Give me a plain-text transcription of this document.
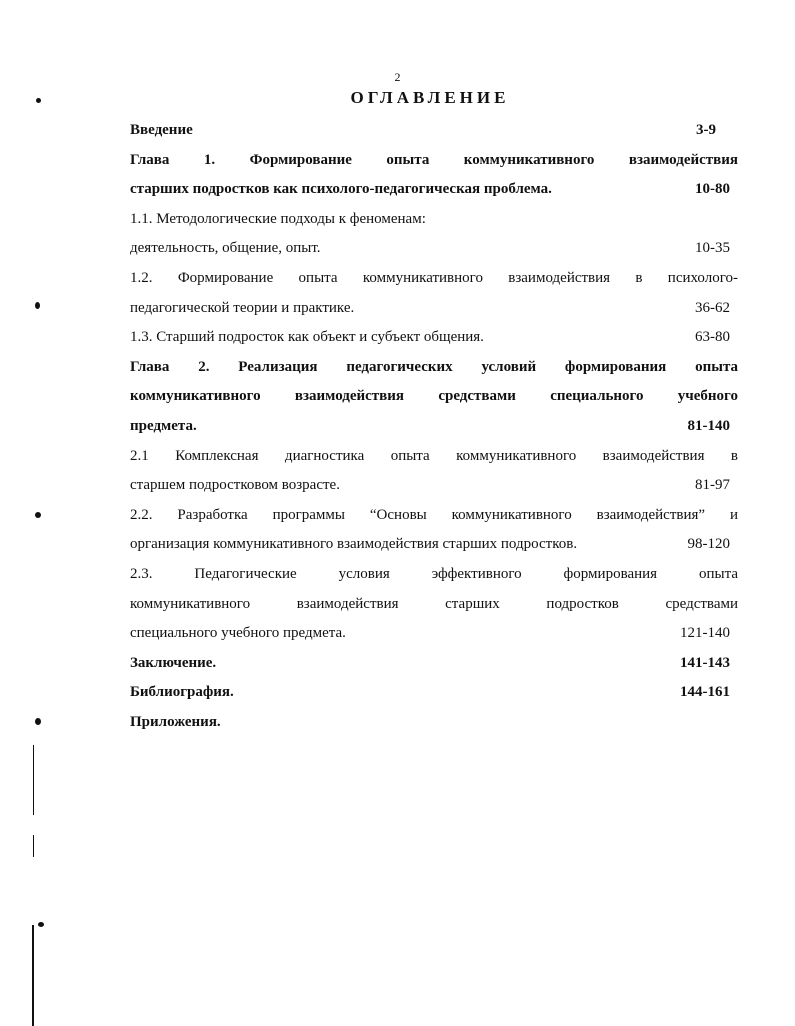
2
ОГЛАВЛЕНИЕ
Введение	3-9
Глава 1. Формирование опыта коммуникативного взаимодействия
старших подростков как психолого-педагогическая проблема.	10-80
1.1. Методологические подходы к феноменам:
деятельность, общение, опыт.	10-35
1.2. Формирование опыта коммуникативного взаимодействия в психолого-
педагогической теории и практике.	36-62
1.3. Старший подросток как объект и субъект общения.	63-80
Глава 2. Реализация педагогических условий формирования опыта
коммуникативного взаимодействия средствами специального учебного
предмета.	81-140
2.1 Комплексная диагностика опыта коммуникативного взаимодействия в
старшем подростковом возрасте.	81-97
2.2. Разработка программы “Основы коммуникативного взаимодействия” и
организация коммуникативного взаимодействия старших подростков.	98-120
2.3. Педагогические условия эффективного формирования опыта
коммуникативного взаимодействия старших подростков средствами
специального учебного предмета.	121-140
Заключение.	141-143
Библиография.	144-161
Приложения.
